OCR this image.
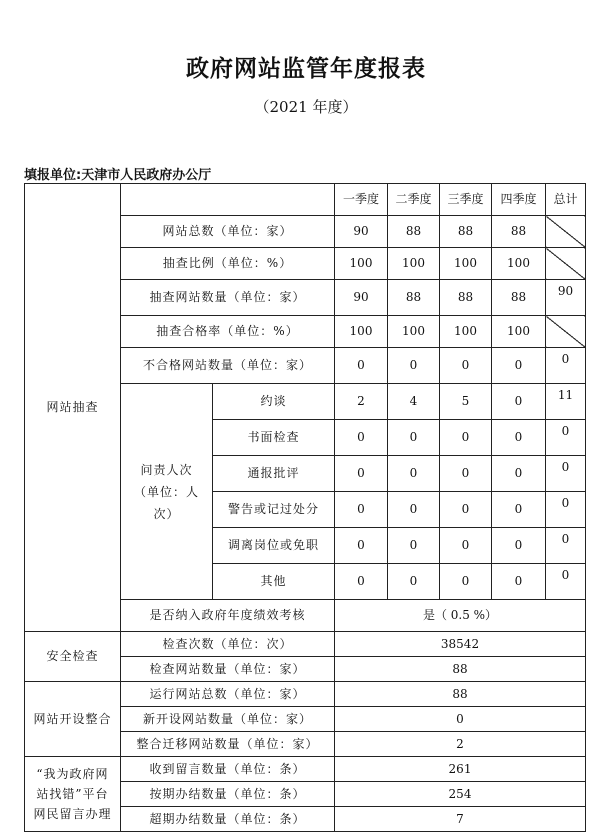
政府网站监管年度报表
（2021 年度）
填报单位:天津市人民政府办公厅
网站抽查			一季度	二季度	三季度	四季度	总计
	网站总数（单位：家）		90	88	88	88	
	抽查比例（单位：%）		100	100	100	100	
	抽查网站数量（单位：家）		90	88	88	88	90
	抽查合格率（单位：%）		100	100	100	100	
	不合格网站数量（单位：家）		0	0	0	0	0
	问责人次（单位：人次）	约谈	2	4	5	0	11
		书面检查	0	0	0	0	0
		通报批评	0	0	0	0	0
		警告或记过处分	0	0	0	0	0
		调离岗位或免职	0	0	0	0	0
		其他	0	0	0	0	0
	是否纳入政府年度绩效考核		是（ 0.5 %）				
安全检查	检查次数（单位：次）		38542				
	检查网站数量（单位：家）		88				
网站开设整合	运行网站总数（单位：家）		88				
	新开设网站数量（单位：家）		0				
	整合迁移网站数量（单位：家）		2				
“我为政府网站找错”平台网民留言办理	收到留言数量（单位：条）		261				
	按期办结数量（单位：条）		254				
	超期办结数量（单位：条）		7				
